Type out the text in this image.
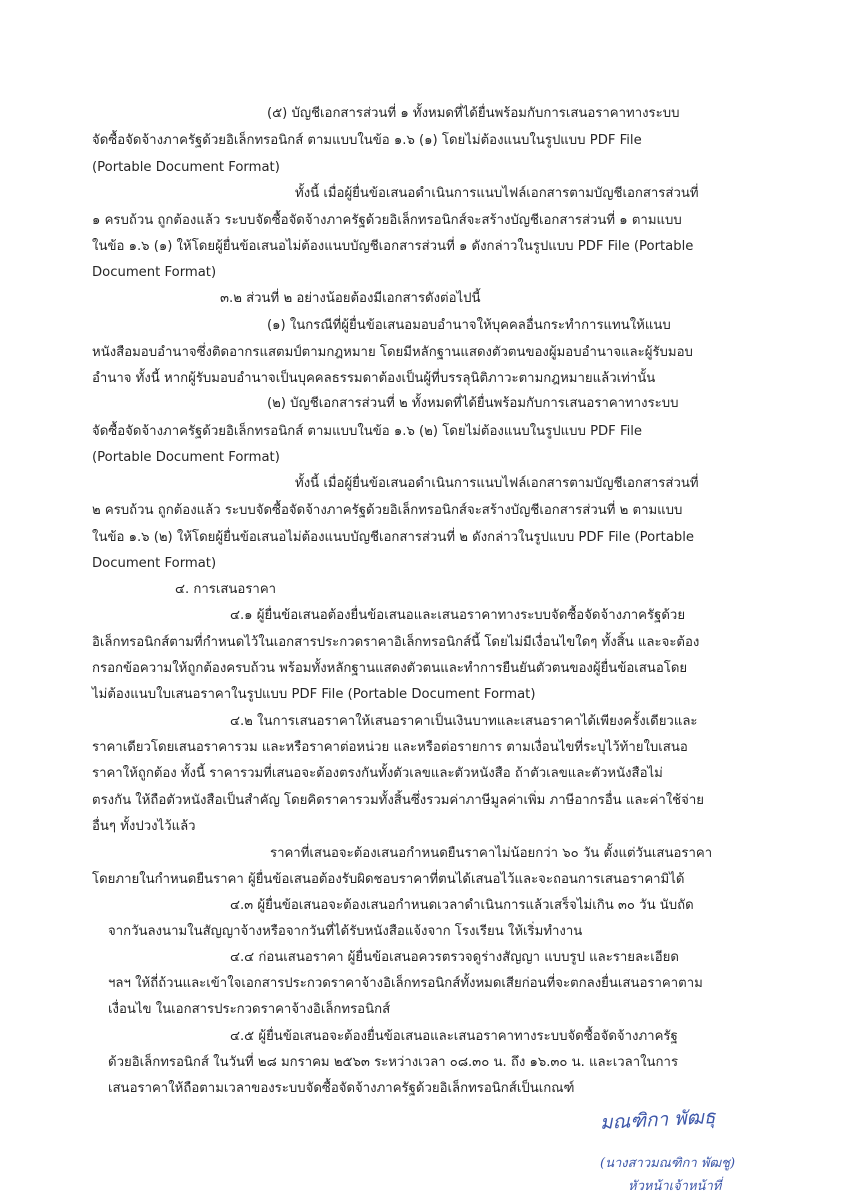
(๕) บัญชีเอกสารส่วนที่ ๑ ทั้งหมดที่ได้ยื่นพร้อมกับการเสนอราคาทางระบบ
จัดซื้อจัดจ้างภาครัฐด้วยอิเล็กทรอนิกส์ ตามแบบในข้อ ๑.๖ (๑) โดยไม่ต้องแนบในรูปแบบ PDF File
(Portable Document Format)
ทั้งนี้ เมื่อผู้ยื่นข้อเสนอดำเนินการแนบไฟล์เอกสารตามบัญชีเอกสารส่วนที่
๑ ครบถ้วน ถูกต้องแล้ว ระบบจัดซื้อจัดจ้างภาครัฐด้วยอิเล็กทรอนิกส์จะสร้างบัญชีเอกสารส่วนที่ ๑ ตามแบบ
ในข้อ ๑.๖ (๑) ให้โดยผู้ยื่นข้อเสนอไม่ต้องแนบบัญชีเอกสารส่วนที่ ๑ ดังกล่าวในรูปแบบ PDF File (Portable
Document Format)
๓.๒ ส่วนที่ ๒ อย่างน้อยต้องมีเอกสารดังต่อไปนี้
(๑) ในกรณีที่ผู้ยื่นข้อเสนอมอบอำนาจให้บุคคลอื่นกระทำการแทนให้แนบ
หนังสือมอบอำนาจซึ่งติดอากรแสตมป์ตามกฎหมาย โดยมีหลักฐานแสดงตัวตนของผู้มอบอำนาจและผู้รับมอบ
อำนาจ ทั้งนี้ หากผู้รับมอบอำนาจเป็นบุคคลธรรมดาต้องเป็นผู้ที่บรรลุนิติภาวะตามกฎหมายแล้วเท่านั้น
(๒) บัญชีเอกสารส่วนที่ ๒ ทั้งหมดที่ได้ยื่นพร้อมกับการเสนอราคาทางระบบ
จัดซื้อจัดจ้างภาครัฐด้วยอิเล็กทรอนิกส์ ตามแบบในข้อ ๑.๖ (๒) โดยไม่ต้องแนบในรูปแบบ PDF File
(Portable Document Format)
ทั้งนี้ เมื่อผู้ยื่นข้อเสนอดำเนินการแนบไฟล์เอกสารตามบัญชีเอกสารส่วนที่
๒ ครบถ้วน ถูกต้องแล้ว ระบบจัดซื้อจัดจ้างภาครัฐด้วยอิเล็กทรอนิกส์จะสร้างบัญชีเอกสารส่วนที่ ๒ ตามแบบ
ในข้อ ๑.๖ (๒) ให้โดยผู้ยื่นข้อเสนอไม่ต้องแนบบัญชีเอกสารส่วนที่ ๒ ดังกล่าวในรูปแบบ PDF File (Portable
Document Format)
๔. การเสนอราคา
๔.๑ ผู้ยื่นข้อเสนอต้องยื่นข้อเสนอและเสนอราคาทางระบบจัดซื้อจัดจ้างภาครัฐด้วย
อิเล็กทรอนิกส์ตามที่กำหนดไว้ในเอกสารประกวดราคาอิเล็กทรอนิกส์นี้ โดยไม่มีเงื่อนไขใดๆ ทั้งสิ้น และจะต้อง
กรอกข้อความให้ถูกต้องครบถ้วน พร้อมทั้งหลักฐานแสดงตัวตนและทำการยืนยันตัวตนของผู้ยื่นข้อเสนอโดย
ไม่ต้องแนบใบเสนอราคาในรูปแบบ PDF File (Portable Document Format)
๔.๒ ในการเสนอราคาให้เสนอราคาเป็นเงินบาทและเสนอราคาได้เพียงครั้งเดียวและ
ราคาเดียวโดยเสนอราคารวม และหรือราคาต่อหน่วย และหรือต่อรายการ ตามเงื่อนไขที่ระบุไว้ท้ายใบเสนอ
ราคาให้ถูกต้อง ทั้งนี้ ราคารวมที่เสนอจะต้องตรงกันทั้งตัวเลขและตัวหนังสือ ถ้าตัวเลขและตัวหนังสือไม่
ตรงกัน ให้ถือตัวหนังสือเป็นสำคัญ โดยคิดราคารวมทั้งสิ้นซึ่งรวมค่าภาษีมูลค่าเพิ่ม ภาษีอากรอื่น และค่าใช้จ่าย
อื่นๆ ทั้งปวงไว้แล้ว
ราคาที่เสนอจะต้องเสนอกำหนดยืนราคาไม่น้อยกว่า ๖๐ วัน ตั้งแต่วันเสนอราคา
โดยภายในกำหนดยืนราคา ผู้ยื่นข้อเสนอต้องรับผิดชอบราคาที่ตนได้เสนอไว้และจะถอนการเสนอราคามิได้
๔.๓ ผู้ยื่นข้อเสนอจะต้องเสนอกำหนดเวลาดำเนินการแล้วเสร็จไม่เกิน ๓๐ วัน นับถัด
จากวันลงนามในสัญญาจ้างหรือจากวันที่ได้รับหนังสือแจ้งจาก โรงเรียน ให้เริ่มทำงาน
๔.๔ ก่อนเสนอราคา ผู้ยื่นข้อเสนอควรตรวจดูร่างสัญญา แบบรูป และรายละเอียด
ฯลฯ ให้ถี่ถ้วนและเข้าใจเอกสารประกวดราคาจ้างอิเล็กทรอนิกส์ทั้งหมดเสียก่อนที่จะตกลงยื่นเสนอราคาตาม
เงื่อนไข ในเอกสารประกวดราคาจ้างอิเล็กทรอนิกส์
๔.๕ ผู้ยื่นข้อเสนอจะต้องยื่นข้อเสนอและเสนอราคาทางระบบจัดซื้อจัดจ้างภาครัฐ
ด้วยอิเล็กทรอนิกส์ ในวันที่ ๒๘ มกราคม ๒๕๖๓ ระหว่างเวลา ๐๘.๓๐ น. ถึง ๑๖.๓๐ น. และเวลาในการ
เสนอราคาให้ถือตามเวลาของระบบจัดซื้อจัดจ้างภาครัฐด้วยอิเล็กทรอนิกส์เป็นเกณฑ์
มณฑิกา พัฒธุ
(นางสาวมณฑิกา พัฒชู)
หัวหน้าเจ้าหน้าที่
